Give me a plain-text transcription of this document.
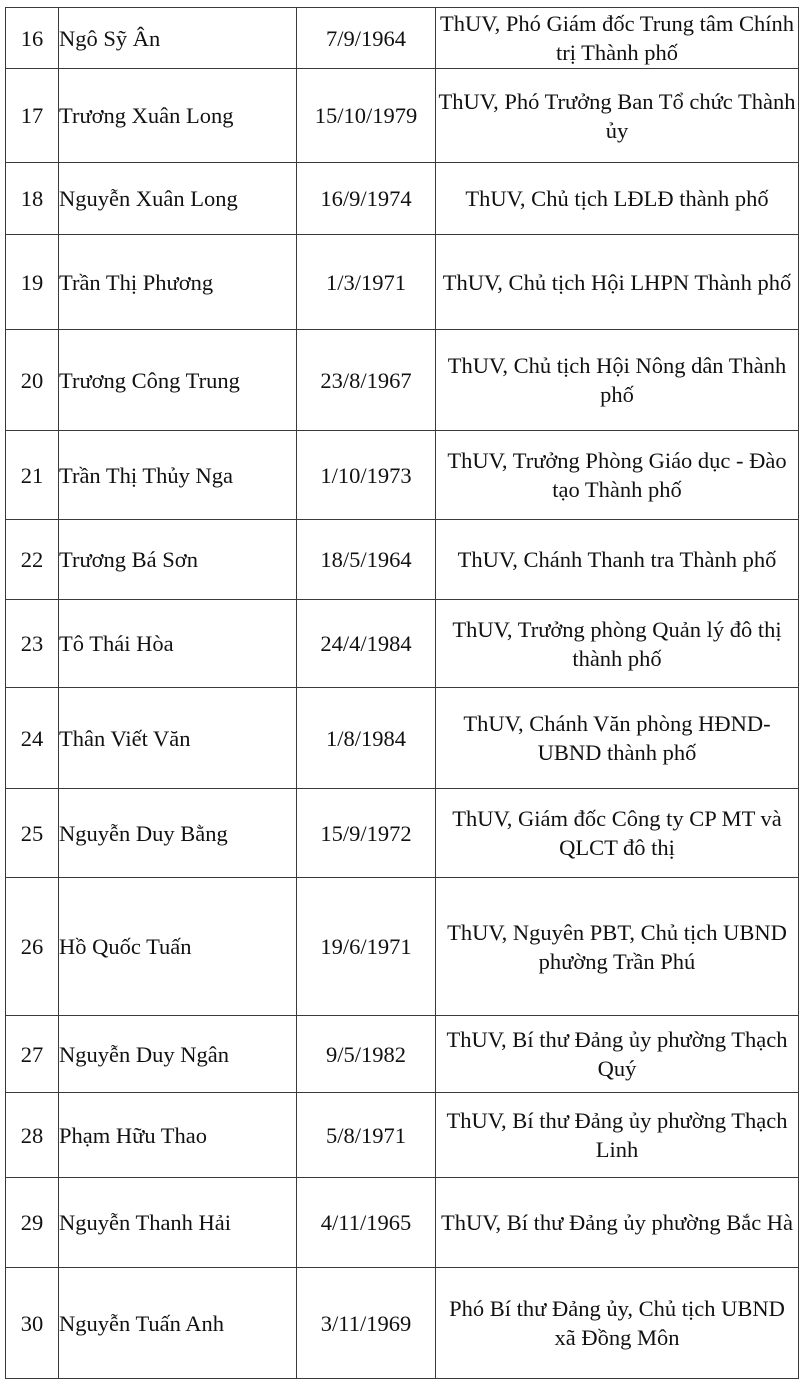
16	Ngô Sỹ Ân	7/9/1964	ThUV, Phó Giám đốc Trung tâm Chính trị Thành phố
17	Trương Xuân Long	15/10/1979	ThUV, Phó Trưởng Ban Tổ chức Thành ủy
18	Nguyễn Xuân Long	16/9/1974	ThUV, Chủ tịch LĐLĐ thành phố
19	Trần Thị Phương	1/3/1971	ThUV, Chủ tịch Hội LHPN Thành phố
20	Trương Công Trung	23/8/1967	ThUV, Chủ tịch Hội Nông dân Thành phố
21	Trần Thị Thủy Nga	1/10/1973	ThUV, Trưởng Phòng Giáo dục - Đào tạo Thành phố
22	Trương Bá Sơn	18/5/1964	ThUV, Chánh Thanh tra Thành phố
23	Tô Thái Hòa	24/4/1984	ThUV, Trưởng phòng Quản lý đô thị thành phố
24	Thân Viết Văn	1/8/1984	ThUV, Chánh Văn phòng HĐND-UBND thành phố
25	Nguyễn Duy Bằng	15/9/1972	ThUV, Giám đốc Công ty CP MT và QLCT đô thị
26	Hồ Quốc Tuấn	19/6/1971	ThUV, Nguyên PBT, Chủ tịch UBND phường Trần Phú
27	Nguyễn Duy Ngân	9/5/1982	ThUV, Bí thư Đảng ủy phường Thạch Quý
28	Phạm Hữu Thao	5/8/1971	ThUV, Bí thư Đảng ủy phường Thạch Linh
29	Nguyễn Thanh Hải	4/11/1965	ThUV, Bí thư Đảng ủy phường Bắc Hà
30	Nguyễn Tuấn Anh	3/11/1969	Phó Bí thư Đảng ủy, Chủ tịch UBND xã Đồng Môn
